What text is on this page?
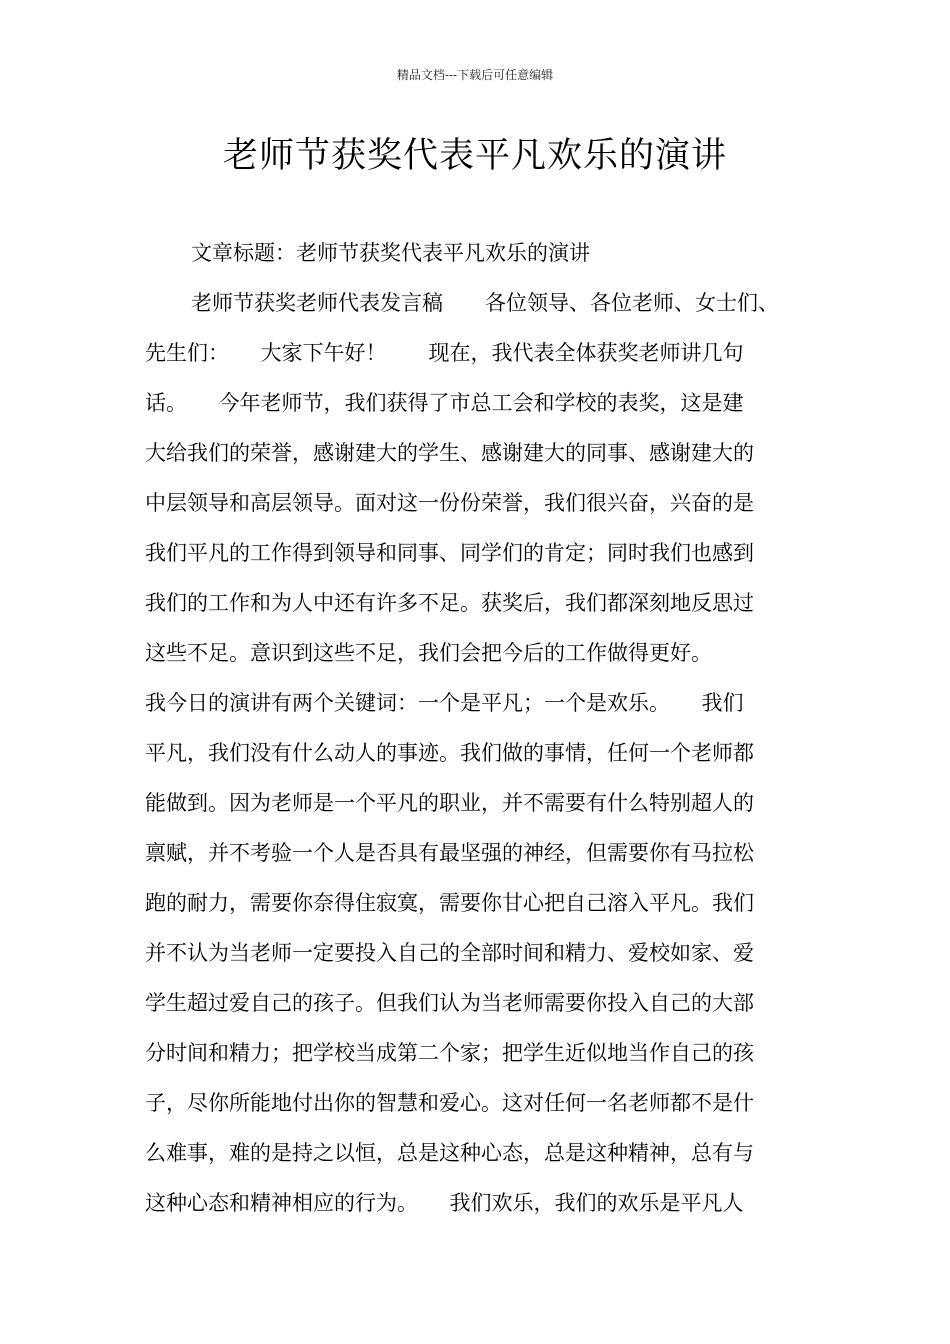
精品文档---下载后可任意编辑
老师节获奖代表平凡欢乐的演讲
文章标题：老师节获奖代表平凡欢乐的演讲
老师节获奖老师代表发言稿　　各位领导、各位老师、女士们、
先生们：　　大家下午好！　　现在，我代表全体获奖老师讲几句
话。　　今年老师节，我们获得了市总工会和学校的表奖，这是建
大给我们的荣誉，感谢建大的学生、感谢建大的同事、感谢建大的
中层领导和高层领导。面对这一份份荣誉，我们很兴奋，兴奋的是
我们平凡的工作得到领导和同事、同学们的肯定；同时我们也感到
我们的工作和为人中还有许多不足。获奖后，我们都深刻地反思过
这些不足。意识到这些不足，我们会把今后的工作做得更好。
我今日的演讲有两个关键词：一个是平凡；一个是欢乐。　　我们
平凡，我们没有什么动人的事迹。我们做的事情，任何一个老师都
能做到。因为老师是一个平凡的职业，并不需要有什么特别超人的
禀赋，并不考验一个人是否具有最坚强的神经，但需要你有马拉松
跑的耐力，需要你奈得住寂寞，需要你甘心把自己溶入平凡。我们
并不认为当老师一定要投入自己的全部时间和精力、爱校如家、爱
学生超过爱自己的孩子。但我们认为当老师需要你投入自己的大部
分时间和精力；把学校当成第二个家；把学生近似地当作自己的孩
子，尽你所能地付出你的智慧和爱心。这对任何一名老师都不是什
么难事，难的是持之以恒，总是这种心态，总是这种精神，总有与
这种心态和精神相应的行为。　　我们欢乐，我们的欢乐是平凡人
